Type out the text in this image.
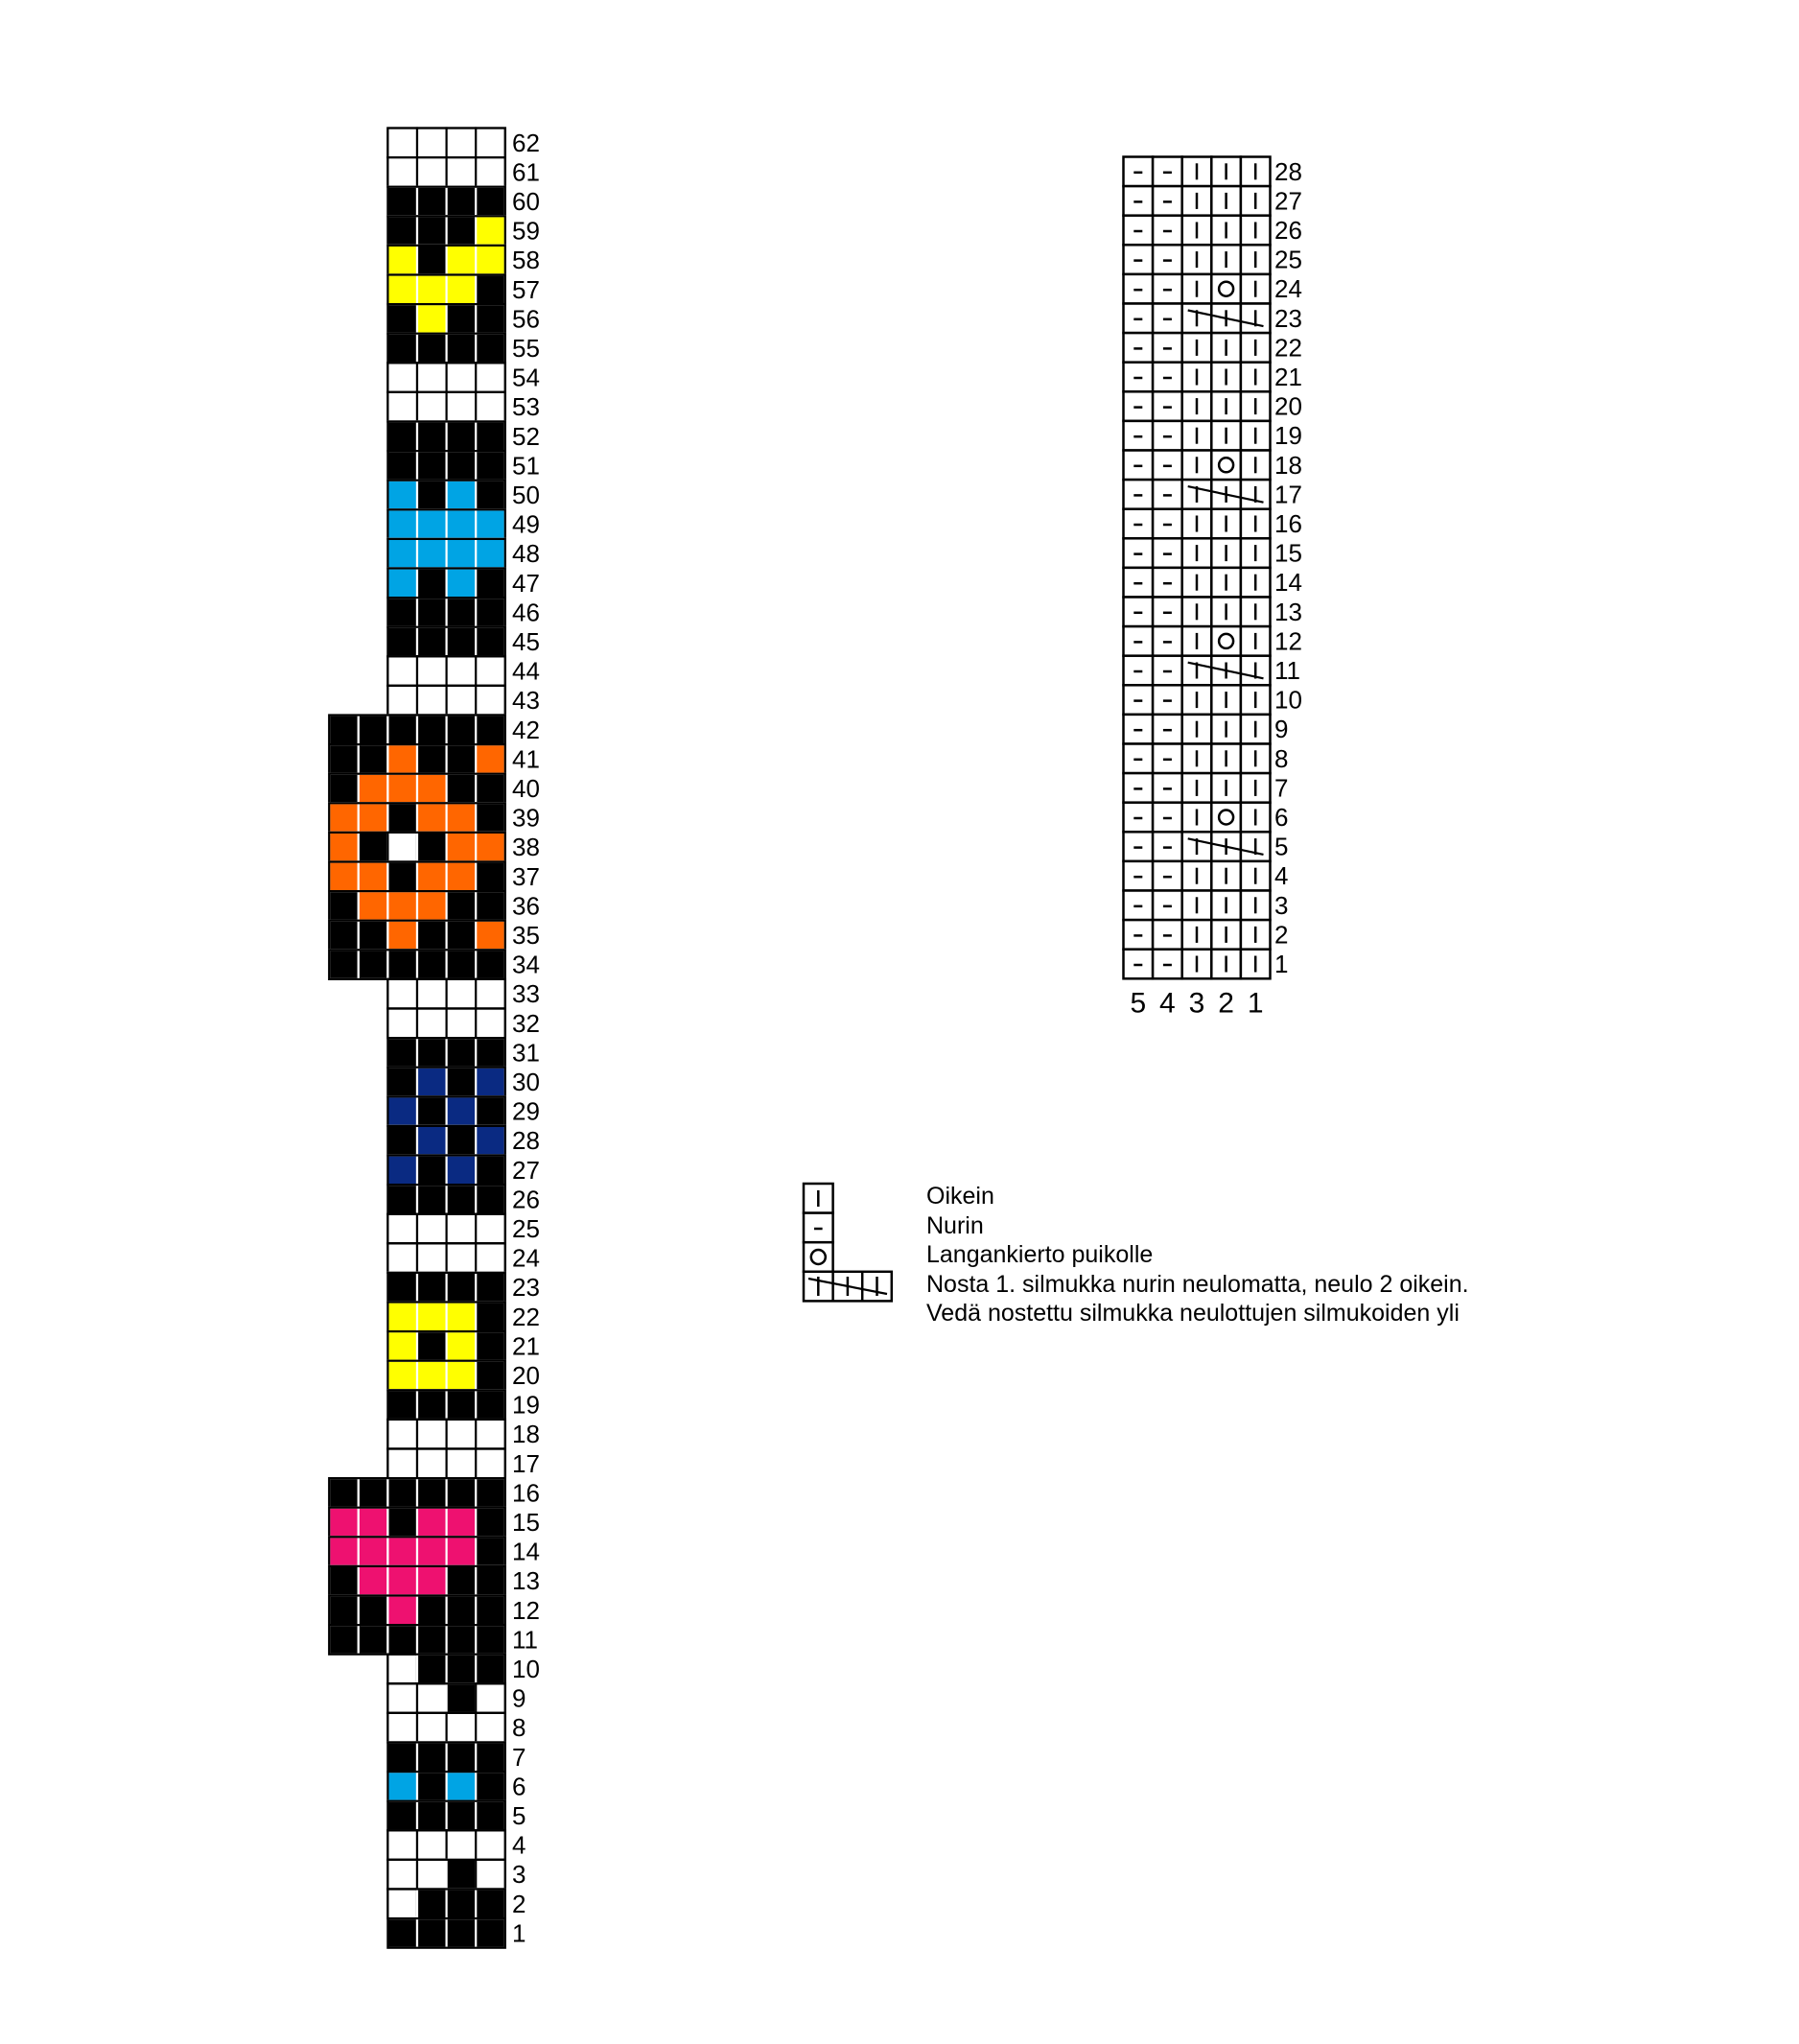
62
61
60
59
58
57
56
55
54
53
52
51
50
49
48
47
46
45
44
43
42
41
40
39
38
37
36
35
34
33
32
31
30
29
28
27
26
25
24
23
22
21
20
19
18
17
16
15
14
13
12
11
10
9
8
7
6
5
4
3
2
1
28
27
26
25
24
23
22
21
20
19
18
17
16
15
14
13
12
11
10
9
8
7
6
5
4
3
2
1
5 4 3 2 1
Oikein
Nurin
Langankierto puikolle
Nosta 1. silmukka nurin neulomatta, neulo 2 oikein.
Vedä nostettu silmukka neulottujen silmukoiden yli
